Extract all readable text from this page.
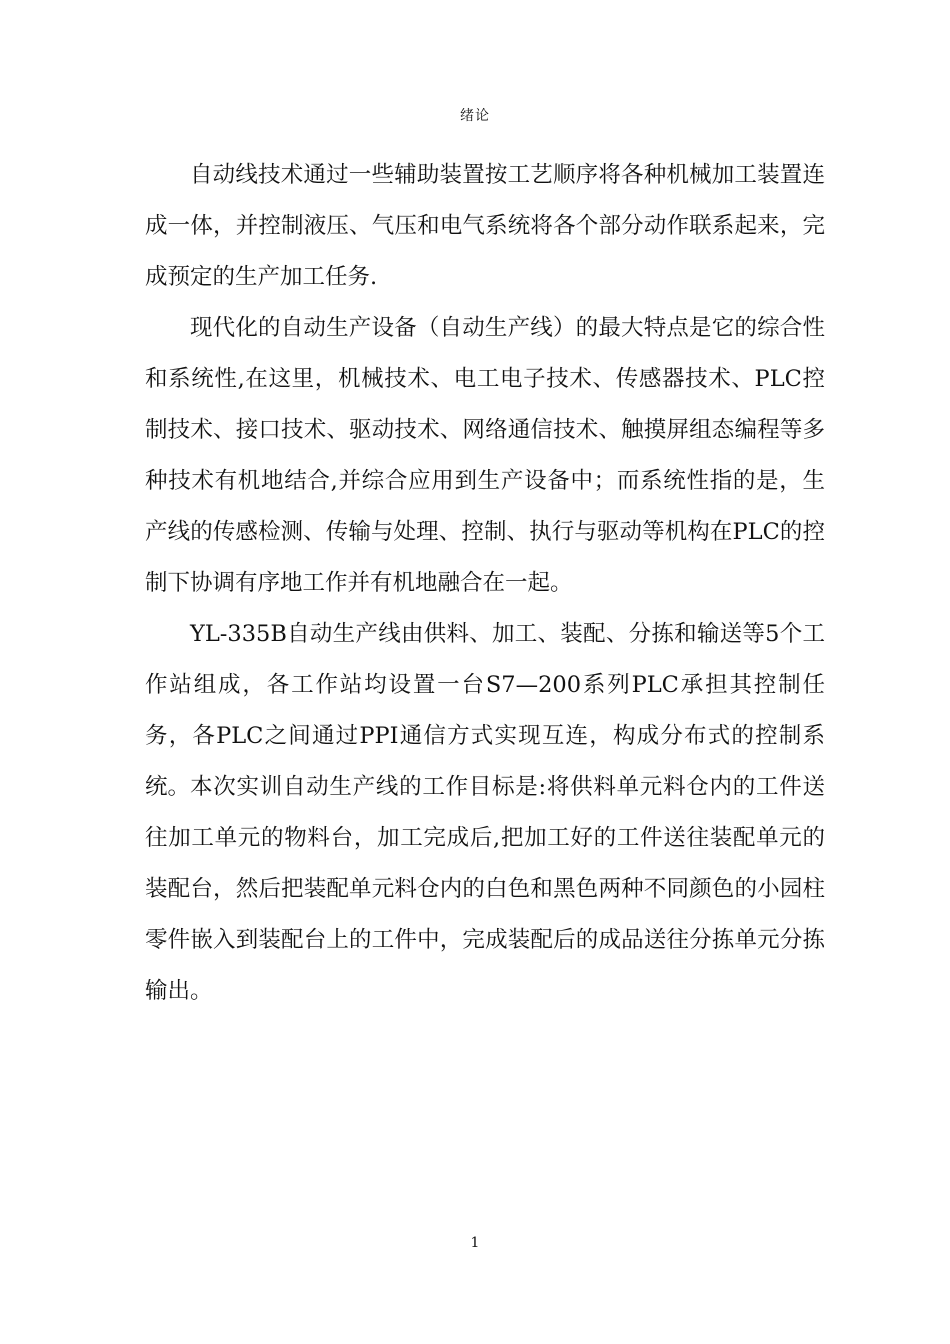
绪论

自动线技术通过一些辅助装置按工艺顺序将各种机械加工装置连成一体，并控制液压、气压和电气系统将各个部分动作联系起来，完成预定的生产加工任务.

现代化的自动生产设备（自动生产线）的最大特点是它的综合性和系统性,在这里，机械技术、电工电子技术、传感器技术、PLC控制技术、接口技术、驱动技术、网络通信技术、触摸屏组态编程等多种技术有机地结合,并综合应用到生产设备中；而系统性指的是，生产线的传感检测、传输与处理、控制、执行与驱动等机构在PLC的控制下协调有序地工作并有机地融合在一起。

YL-335B自动生产线由供料、加工、装配、分拣和输送等5个工作站组成，各工作站均设置一台S7—200系列PLC承担其控制任务，各PLC之间通过PPI通信方式实现互连，构成分布式的控制系统。 本次实训自动生产线的工作目标是:将供料单元料仓内的工件送往加工单元的物料台，加工完成后,把加工好的工件送往装配单元的装配台，然后把装配单元料仓内的白色和黑色两种不同颜色的小园柱零件嵌入到装配台上的工件中，完成装配后的成品送往分拣单元分拣输出。

1
